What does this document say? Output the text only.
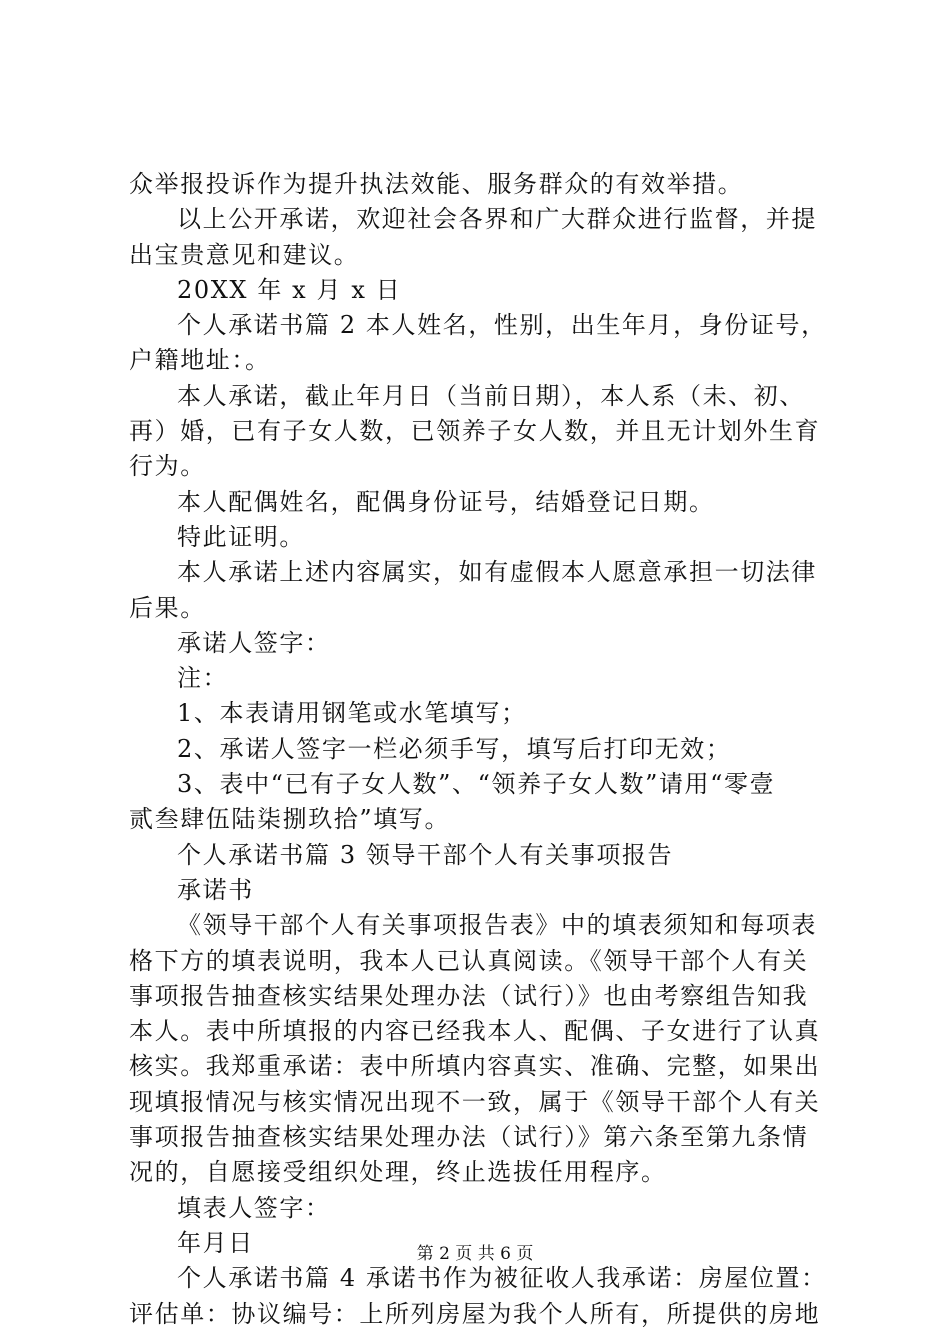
众举报投诉作为提升执法效能、服务群众的有效举措。
以上公开承诺，欢迎社会各界和广大群众进行监督，并提
出宝贵意见和建议。
20XX 年 x 月 x 日
个人承诺书篇 2 本人姓名，性别，出生年月，身份证号，
户籍地址：。
本人承诺，截止年月日（当前日期），本人系（未、初、
再）婚，已有子女人数，已领养子女人数，并且无计划外生育
行为。
本人配偶姓名，配偶身份证号，结婚登记日期。
特此证明。
本人承诺上述内容属实，如有虚假本人愿意承担一切法律
后果。
承诺人签字：
注：
1、本表请用钢笔或水笔填写；
2、承诺人签字一栏必须手写，填写后打印无效；
3、表中“已有子女人数”、“领养子女人数”请用“零壹
贰叁肆伍陆柒捌玖拾”填写。
个人承诺书篇 3 领导干部个人有关事项报告
承诺书
《领导干部个人有关事项报告表》中的填表须知和每项表
格下方的填表说明，我本人已认真阅读。《领导干部个人有关
事项报告抽查核实结果处理办法（试行）》也由考察组告知我
本人。表中所填报的内容已经我本人、配偶、子女进行了认真
核实。我郑重承诺：表中所填内容真实、准确、完整，如果出
现填报情况与核实情况出现不一致，属于《领导干部个人有关
事项报告抽查核实结果处理办法（试行）》第六条至第九条情
况的，自愿接受组织处理，终止选拔任用程序。
填表人签字：
年月日
个人承诺书篇 4 承诺书作为被征收人我承诺：房屋位置：
评估单：协议编号：上所列房屋为我个人所有，所提供的房地
第 2 页 共 6 页
